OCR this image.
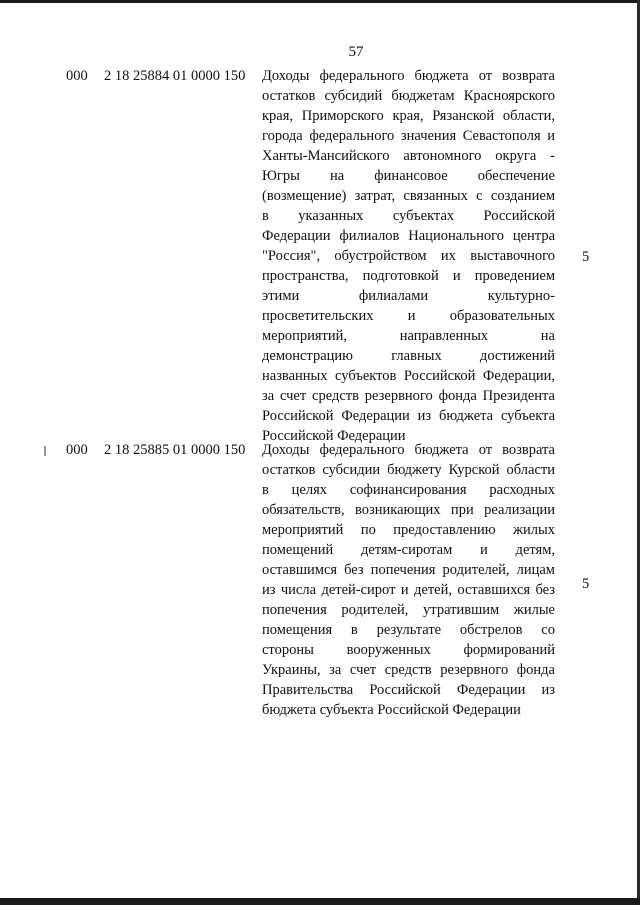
57
000 2 18 25884 01 0000 150 Доходы федерального бюджета от возврата
остатков субсидий бюджетам Красноярского
края, Приморского края, Рязанской области,
города федерального значения Севастополя и
Ханты-Мансийского автономного округа -
Югры на финансовое обеспечение
(возмещение) затрат, связанных с созданием
в указанных субъектах Российской
Федерации филиалов Национального центра
"Россия", обустройством их выставочного
пространства, подготовкой и проведением
этими филиалами культурно-
просветительских и образовательных
мероприятий, направленных на
демонстрацию главных достижений
названных субъектов Российской Федерации,
за счет средств резервного фонда Президента
Российской Федерации из бюджета субъекта
Российской Федерации
5
000 2 18 25885 01 0000 150 Доходы федерального бюджета от возврата
остатков субсидии бюджету Курской области
в целях софинансирования расходных
обязательств, возникающих при реализации
мероприятий по предоставлению жилых
помещений детям-сиротам и детям,
оставшимся без попечения родителей, лицам
из числа детей-сирот и детей, оставшихся без
попечения родителей, утратившим жилые
помещения в результате обстрелов со
стороны вооруженных формирований
Украины, за счет средств резервного фонда
Правительства Российской Федерации из
бюджета субъекта Российской Федерации
5
